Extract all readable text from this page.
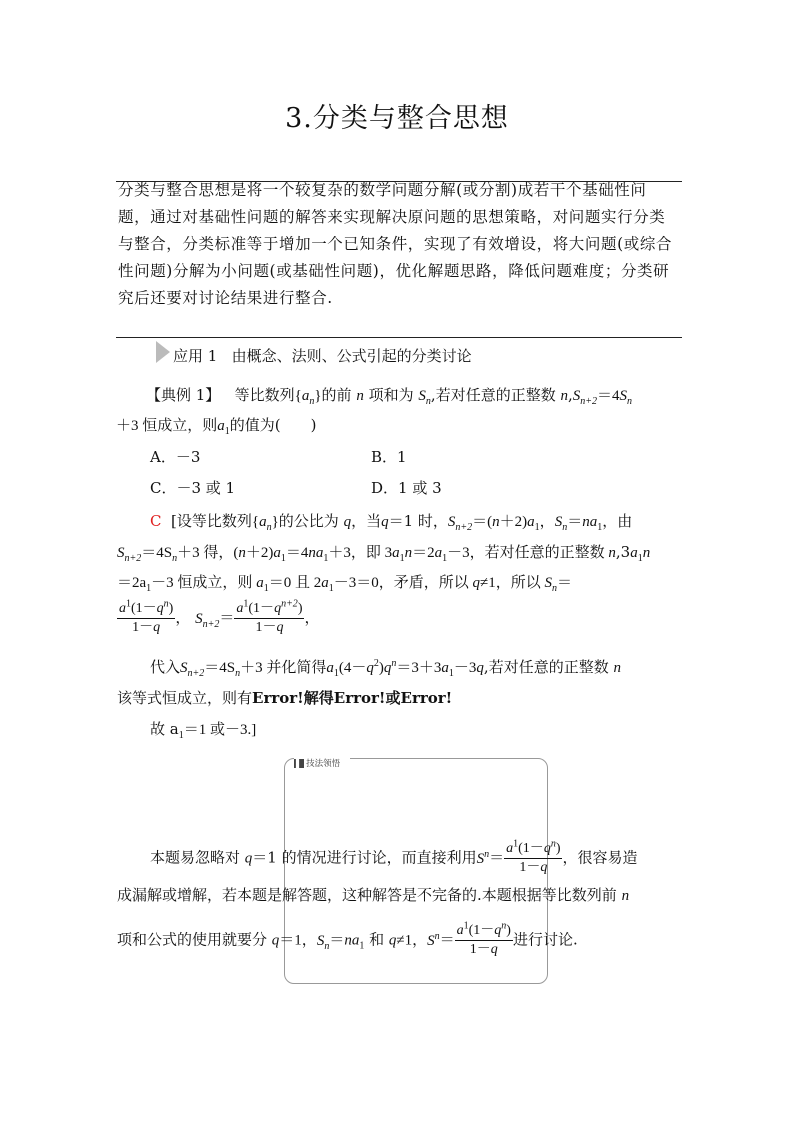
3.分类与整合思想
分类与整合思想是将一个较复杂的数学问题分解(或分割)成若干个基础性问题，通过对基础性问题的解答来实现解决原问题的思想策略，对问题实行分类与整合，分类标准等于增加一个已知条件，实现了有效增设，将大问题(或综合性问题)分解为小问题(或基础性问题)，优化解题思路，降低问题难度；分类研究后还要对讨论结果进行整合.
应用 1 由概念、法则、公式引起的分类讨论
【典例 1】 等比数列$\{a_n\}$的前 n 项和为 $S_n$,若对任意的正整数 $n,S_{n+2}=4S_n$
＋3 恒成立，则$a_1$的值为(　　)
A．－3	B．1
C．－3 或 1	D．1 或 3
C [设等比数列$\{a_n\}$的公比为 q，当q＝1 时，$S_{n+2}=(n+2)a_1$，$S_n=na_1$，由
$S_{n+2}=4S_n+3$ 得，$(n+2)a_1=4na_1+3$，即 $3a_1n=2a_1-3$，若对任意的正整数 $n,3a_1n$
$=2a_1-3$ 恒成立，则 $a_1=0$ 且 $2a_1-3=0$，矛盾，所以 q≠1，所以 $S_n=$
$\frac{a^1(1-q^n)}{1-q}$ ， $S_{n+2}= \frac{a^1(1-q^{n+2})}{1-q}$ ，
代入$S_{n+2}=4S_n+3$ 并化简得$a_1(4-q^2)q^n=3+3a_1-3q$,若对任意的正整数 n
该等式恒成立，则有Error!解得Error!或Error!
故 $a_1=1$ 或－3.]
▌ 技法领悟
本题易忽略对 q＝1 的情况进行讨论，而直接利用$S^n= \frac{a^1(1-q^n)}{1-q}$ ，很容易造
成漏解或增解，若本题是解答题，这种解答是不完备的.本题根据等比数列前 n
项和公式的使用就要分 q＝1，$S_n=na_1$ 和 q≠1，$S^n= \frac{a^1(1-q^n)}{1-q}$ 进行讨论.
